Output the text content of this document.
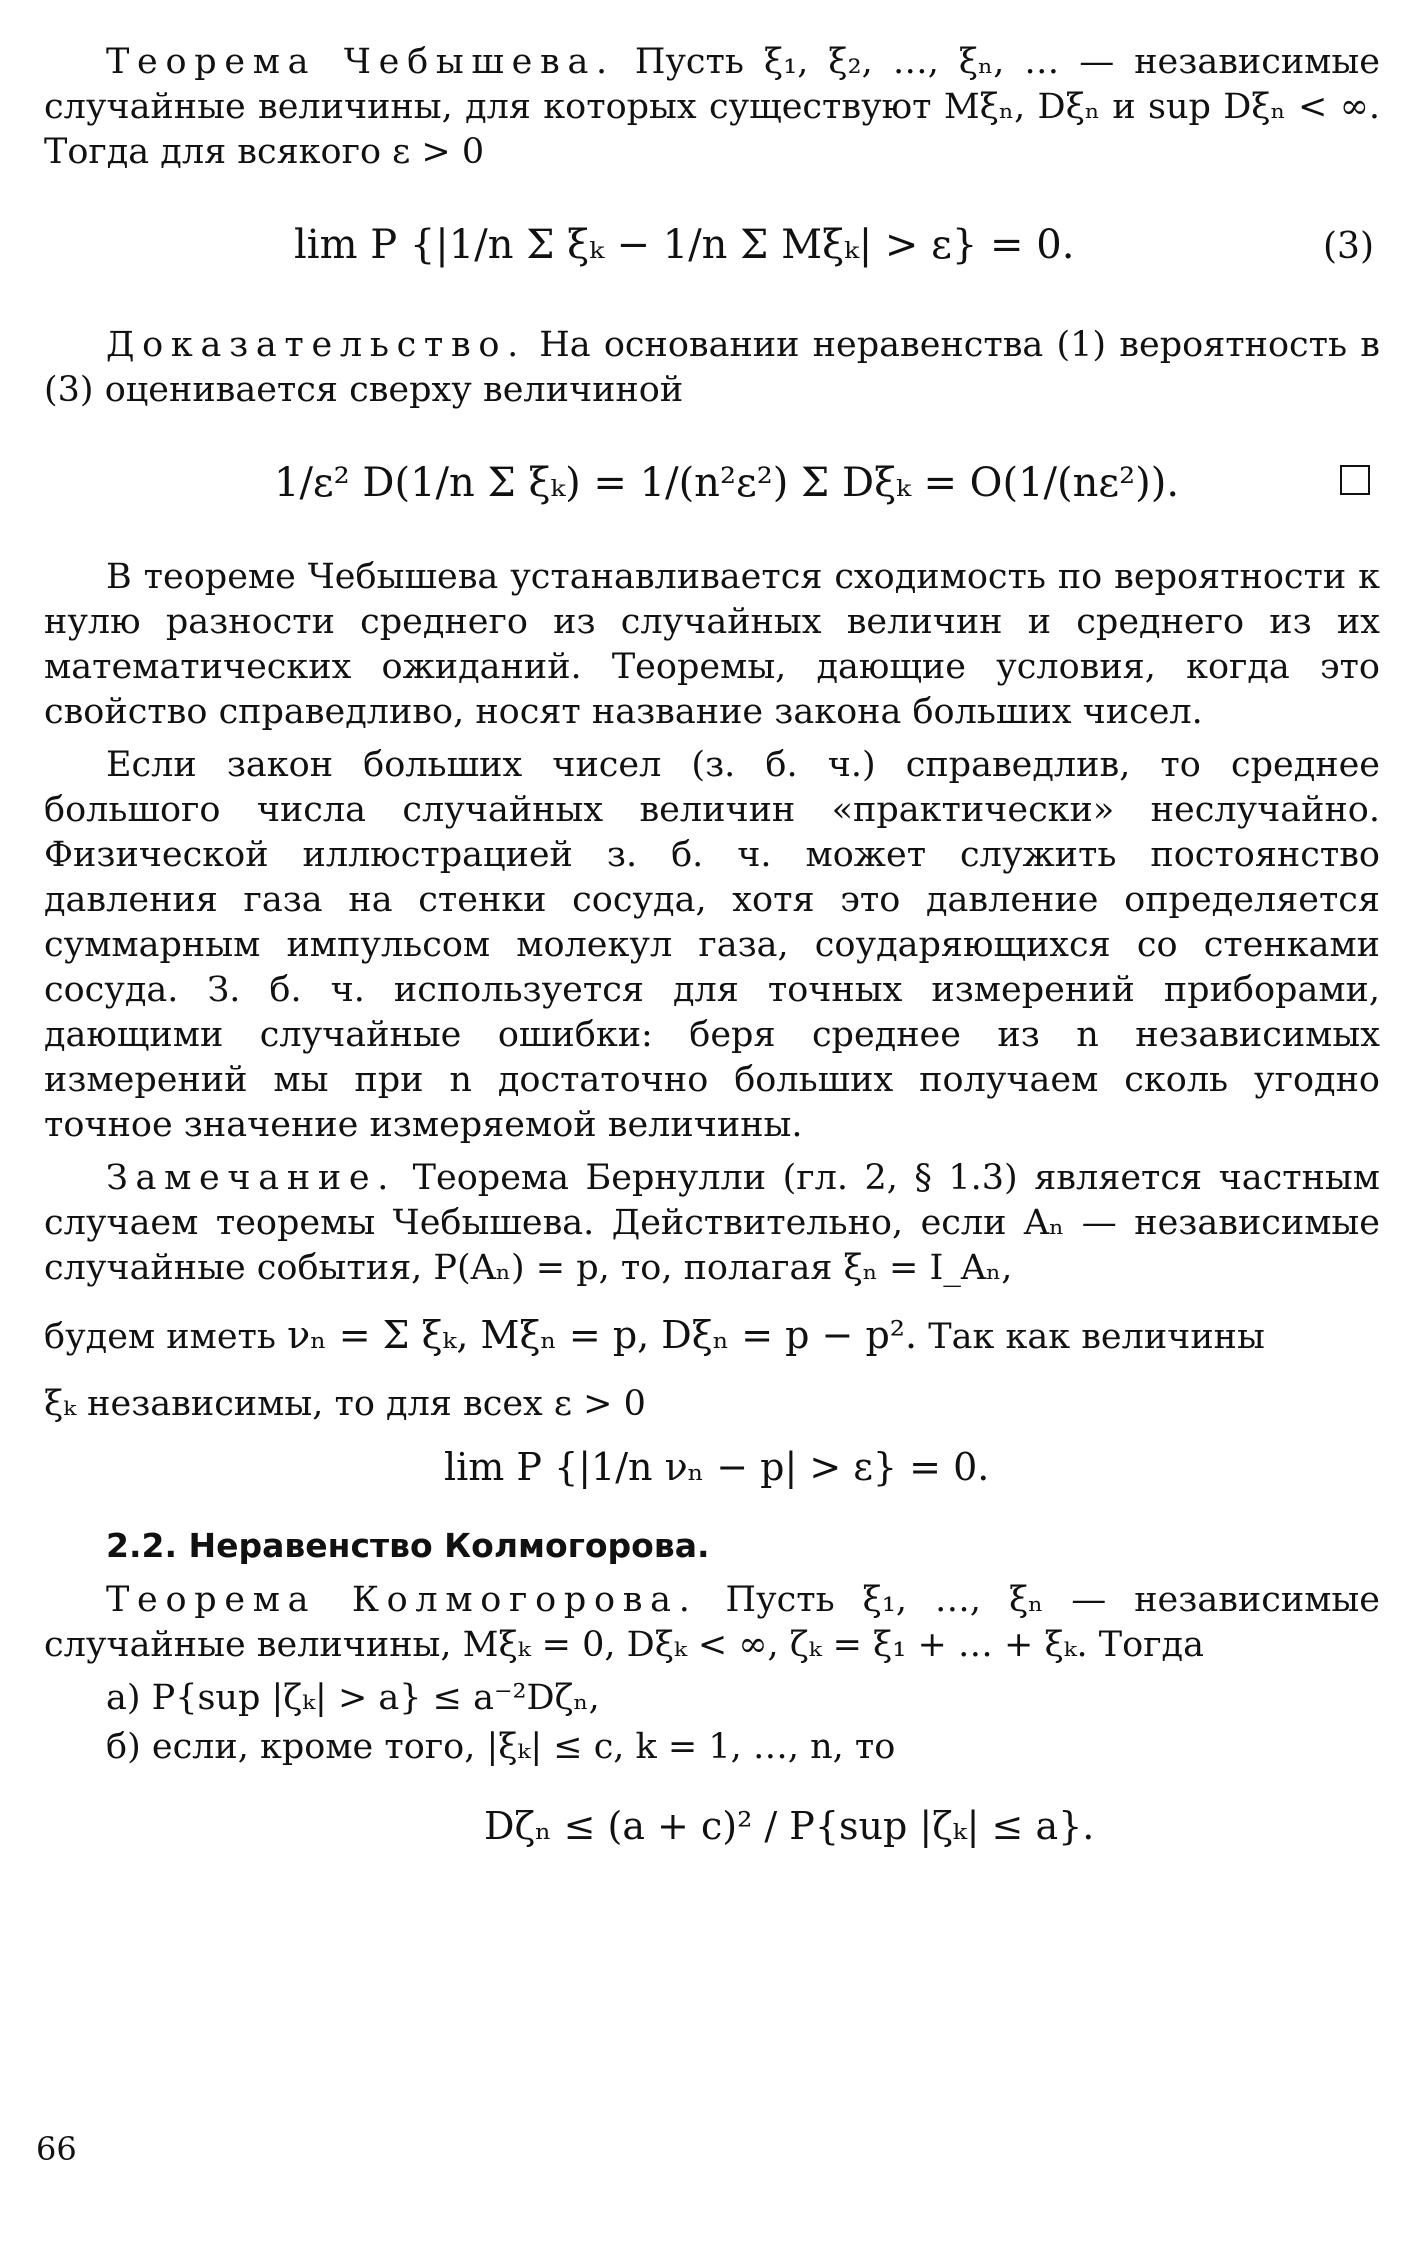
Теорема Чебышева. Пусть ξ₁, ξ₂, …, ξₙ, … — независимые случайные величины, для которых существуют Mξₙ, Dξₙ и sup Dξₙ < ∞. Тогда для всякого ε > 0

lim P {|1/n Σ ξₖ − 1/n Σ Mξₖ| > ε} = 0.	(3)

Доказательство. На основании неравенства (1) вероятность в (3) оценивается сверху величиной

1/ε² D(1/n Σ ξₖ) = 1/(n²ε²) Σ Dξₖ = O(1/(nε²)).

В теореме Чебышева устанавливается сходимость по вероятности к нулю разности среднего из случайных величин и среднего из их математических ожиданий. Теоремы, дающие условия, когда это свойство справедливо, носят название закона больших чисел.

Если закон больших чисел (з. б. ч.) справедлив, то среднее большого числа случайных величин «практически» неслучайно. Физической иллюстрацией з. б. ч. может служить постоянство давления газа на стенки сосуда, хотя это давление определяется суммарным импульсом молекул газа, соударяющихся со стенками сосуда. З. б. ч. используется для точных измерений приборами, дающими случайные ошибки: беря среднее из n независимых измерений мы при n достаточно больших получаем сколь угодно точное значение измеряемой величины.

Замечание. Теорема Бернулли (гл. 2, § 1.3) является частным случаем теоремы Чебышева. Действительно, если Aₙ — независимые случайные события, P(Aₙ) = p, то, полагая ξₙ = I_Aₙ,

будем иметь νₙ = Σ ξₖ, Mξₙ = p, Dξₙ = p − p². Так как величины

ξₖ независимы, то для всех ε > 0

lim P {|1/n νₙ − p| > ε} = 0.
2.2. Неравенство Колмогорова.

Теорема Колмогорова. Пусть ξ₁, …, ξₙ — независимые случайные величины, Mξₖ = 0, Dξₖ < ∞, ζₖ = ξ₁ + … + ξₖ. Тогда

а) P{sup |ζₖ| > a} ≤ a⁻²Dζₙ,

б) если, кроме того, |ξₖ| ≤ c, k = 1, …, n, то

Dζₙ ≤ (a + c)² / P{sup |ζₖ| ≤ a}.
66
